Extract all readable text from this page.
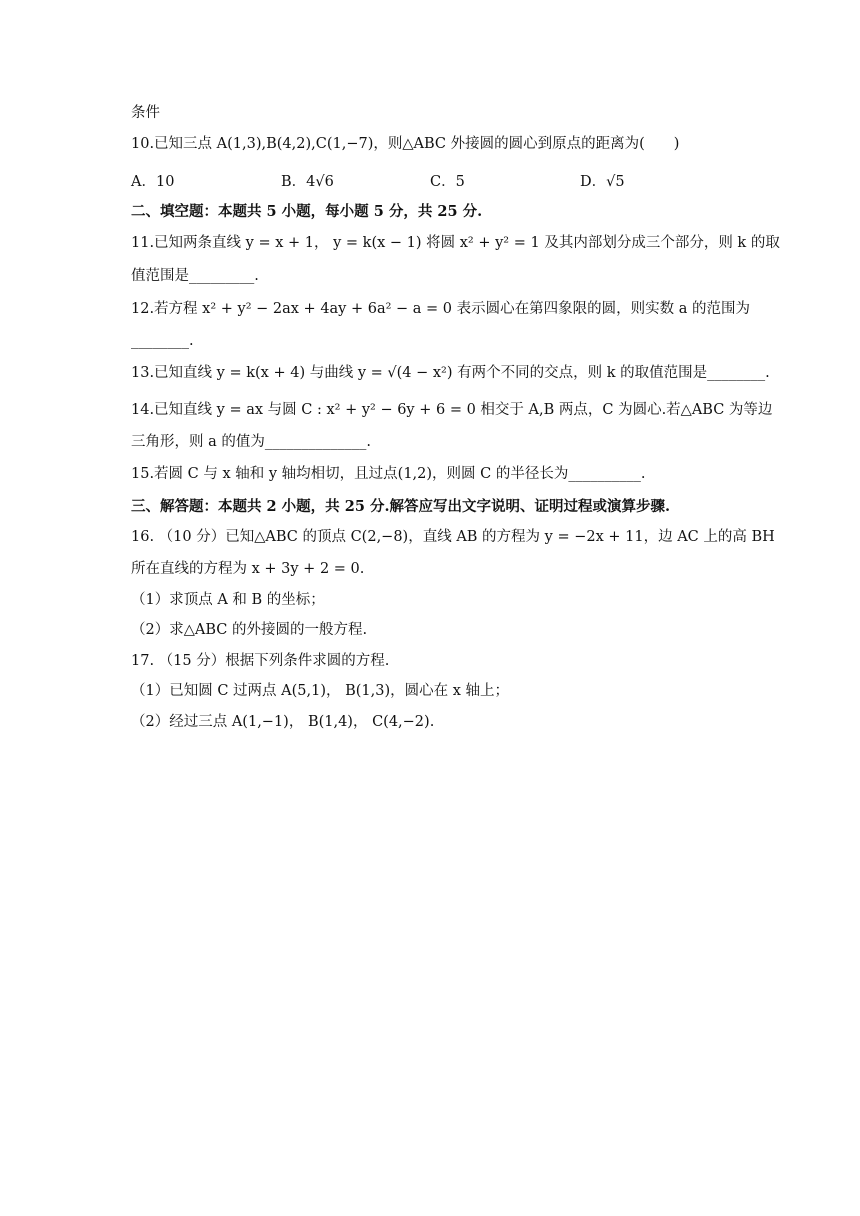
条件
10.已知三点 A(1,3),B(4,2),C(1,−7)，则△ABC 外接圆的圆心到原点的距离为(　　)
A．10	B．4√6	C．5	D．√5
二、填空题：本题共 5 小题，每小题 5 分，共 25 分.
11.已知两条直线 y = x + 1， y = k(x − 1) 将圆 x² + y² = 1 及其内部划分成三个部分，则 k 的取
值范围是_________.
12.若方程 x² + y² − 2ax + 4ay + 6a² − a = 0 表示圆心在第四象限的圆，则实数 a 的范围为
________.
13.已知直线 y = k(x + 4) 与曲线 y = √(4 − x²) 有两个不同的交点，则 k 的取值范围是________.
14.已知直线 y = ax 与圆 C : x² + y² − 6y + 6 = 0 相交于 A,B 两点，C 为圆心.若△ABC 为等边
三角形，则 a 的值为______________.
15.若圆 C 与 x 轴和 y 轴均相切，且过点(1,2)，则圆 C 的半径长为__________.
三、解答题：本题共 2 小题，共 25 分.解答应写出文字说明、证明过程或演算步骤.
16. （10 分）已知△ABC 的顶点 C(2,−8)，直线 AB 的方程为 y = −2x + 11，边 AC 上的高 BH
所在直线的方程为 x + 3y + 2 = 0.
（1）求顶点 A 和 B 的坐标；
（2）求△ABC 的外接圆的一般方程.
17. （15 分）根据下列条件求圆的方程.
（1）已知圆 C 过两点 A(5,1)， B(1,3)，圆心在 x 轴上；
（2）经过三点 A(1,−1)， B(1,4)， C(4,−2).
